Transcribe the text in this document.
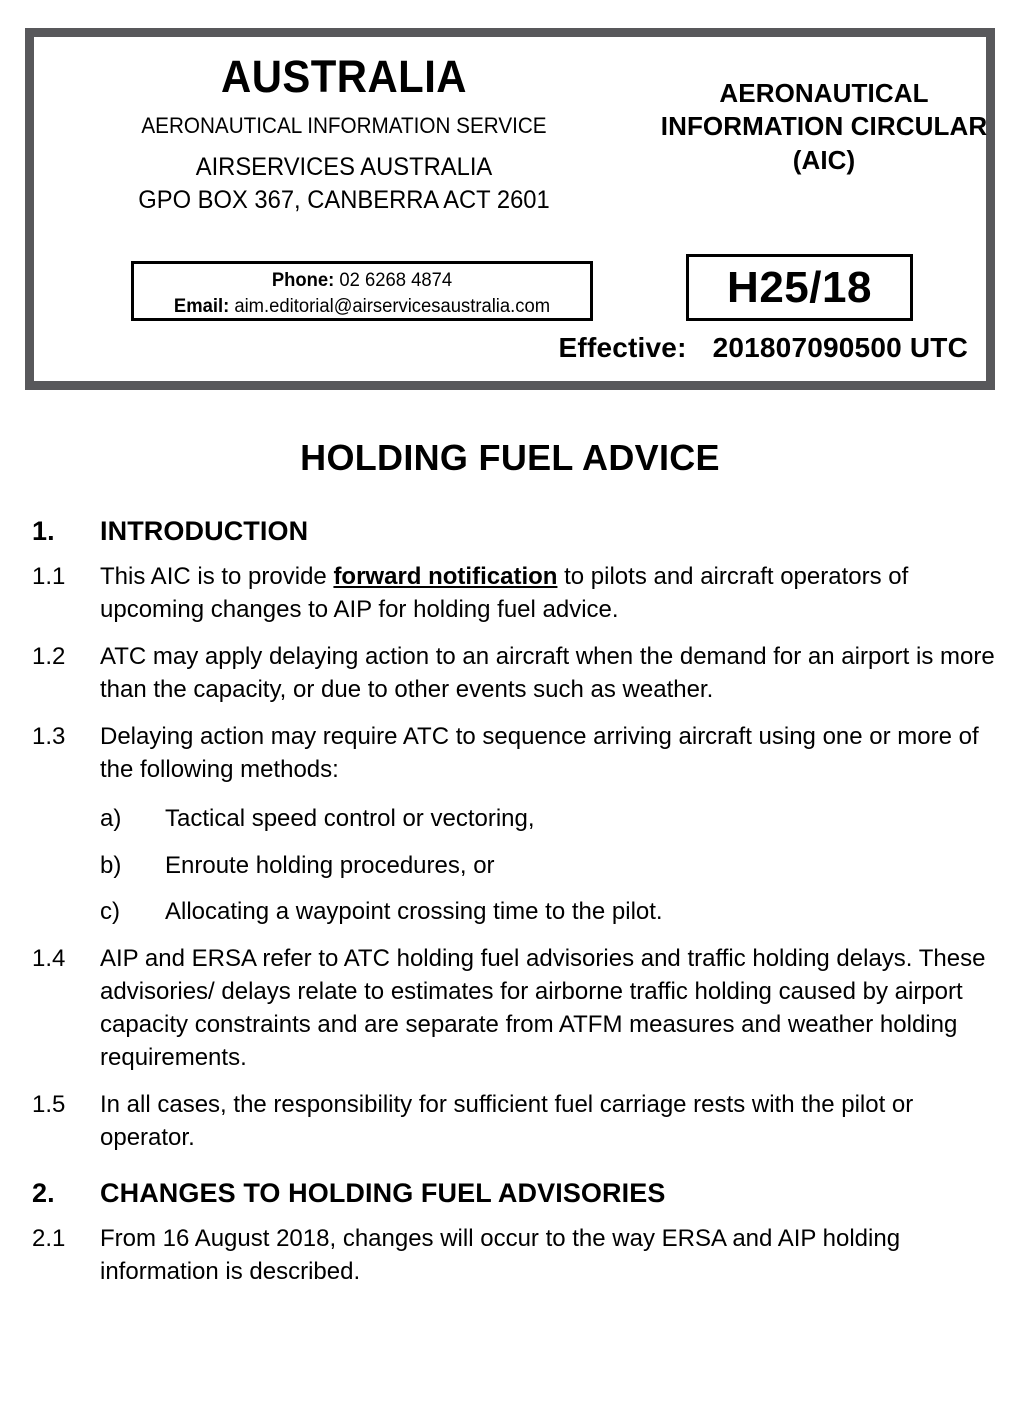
AUSTRALIA
AERONAUTICAL INFORMATION SERVICE
AIRSERVICES AUSTRALIA
GPO BOX 367, CANBERRA ACT 2601
Phone: 02 6268 4874
Email: aim.editorial@airservicesaustralia.com
AERONAUTICAL INFORMATION CIRCULAR (AIC)
H25/18
Effective: 201807090500 UTC
HOLDING FUEL ADVICE
1. INTRODUCTION
1.1 This AIC is to provide forward notification to pilots and aircraft operators of upcoming changes to AIP for holding fuel advice.
1.2 ATC may apply delaying action to an aircraft when the demand for an airport is more than the capacity, or due to other events such as weather.
1.3 Delaying action may require ATC to sequence arriving aircraft using one or more of the following methods:
a) Tactical speed control or vectoring,
b) Enroute holding procedures, or
c) Allocating a waypoint crossing time to the pilot.
1.4 AIP and ERSA refer to ATC holding fuel advisories and traffic holding delays. These advisories/ delays relate to estimates for airborne traffic holding caused by airport capacity constraints and are separate from ATFM measures and weather holding requirements.
1.5 In all cases, the responsibility for sufficient fuel carriage rests with the pilot or operator.
2. CHANGES TO HOLDING FUEL ADVISORIES
2.1 From 16 August 2018, changes will occur to the way ERSA and AIP holding information is described.
